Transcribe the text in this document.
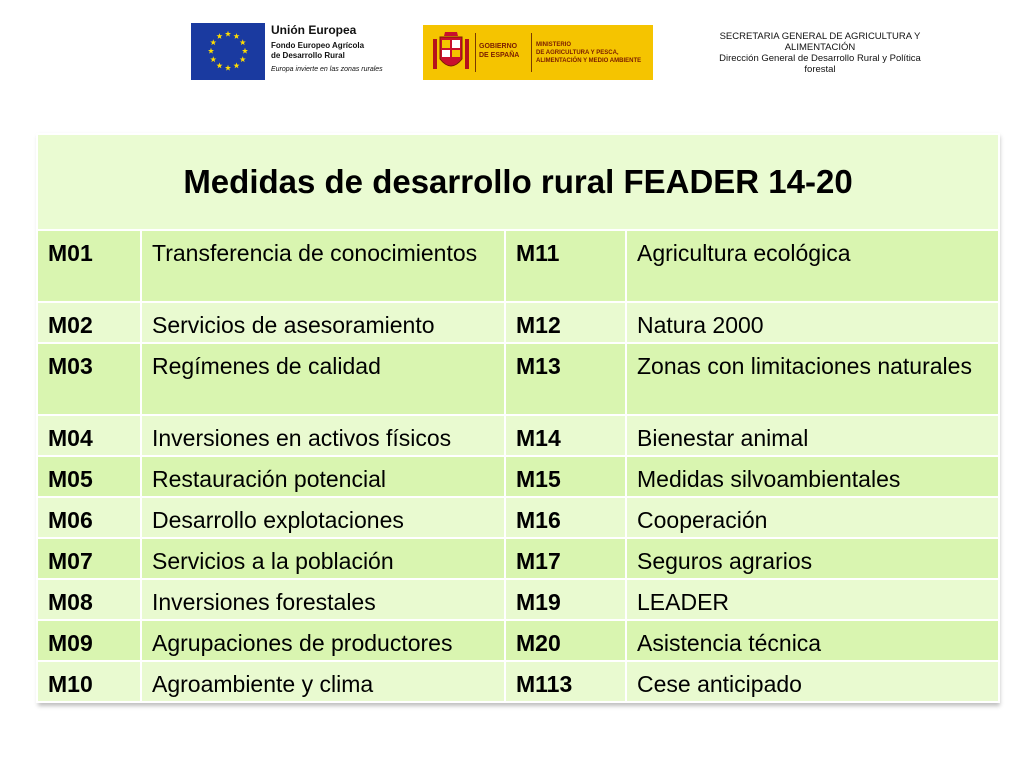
Unión Europea
Fondo Europeo Agrícola
de Desarrollo Rural
Europa invierte en las zonas rurales
GOBIERNO
DE ESPAÑA
MINISTERIO
DE AGRICULTURA Y PESCA,
ALIMENTACIÓN Y MEDIO AMBIENTE
SECRETARIA GENERAL DE AGRICULTURA Y
ALIMENTACIÓN
Dirección General de Desarrollo Rural y Política
forestal
Medidas de desarrollo rural FEADER 14-20			
M01	Transferencia de conocimientos	M11	Agricultura ecológica
M02	Servicios de asesoramiento	M12	Natura 2000
M03	Regímenes de calidad	M13	Zonas con limitaciones naturales
M04	Inversiones en activos físicos	M14	Bienestar animal
M05	Restauración potencial	M15	Medidas silvoambientales
M06	Desarrollo explotaciones	M16	Cooperación
M07	Servicios a la población	M17	Seguros agrarios
M08	Inversiones forestales	M19	LEADER
M09	Agrupaciones de productores	M20	Asistencia técnica
M10	Agroambiente y clima	M113	Cese anticipado
